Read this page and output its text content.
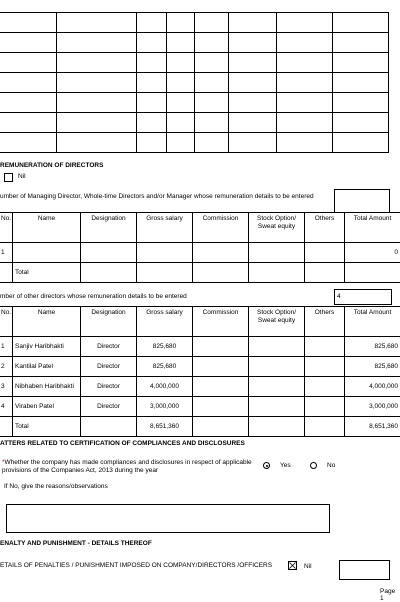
REMUNERATION OF DIRECTORS
Nil
umber of Managing Director, Whole-time Directors and/or Manager whose remuneration details to be entered
No.	Name	Designation	Gross salary	Commission	Stock Option/ Sweat equity	Others	Total Amount
1							0
	Total						
mber of other directors whose remuneration details to be entered	4
No.	Name	Designation	Gross salary	Commission	Stock Option/ Sweat equity	Others	Total Amount
1	Sanjiv Haribhakti	Director	825,680				825,680
2	Kantilal Patel	Director	825,680				825,680
3	Nibhaben Haribhakti	Director	4,000,000				4,000,000
4	Viraben Patel	Director	3,000,000				3,000,000
	Total		8,651,360				8,651,360
ATTERS RELATED TO CERTIFICATION OF COMPLIANCES AND DISCLOSURES
*Whether the company has made compliances and disclosures in respect of applicable provisions of the Companies Act, 2013 during the year
Yes	No
If No, give the reasons/observations
ENALTY AND PUNISHMENT - DETAILS THEREOF
ETAILS OF PENALTIES / PUNISHMENT IMPOSED ON COMPANY/DIRECTORS /OFFICERS	Nil
Page 1
